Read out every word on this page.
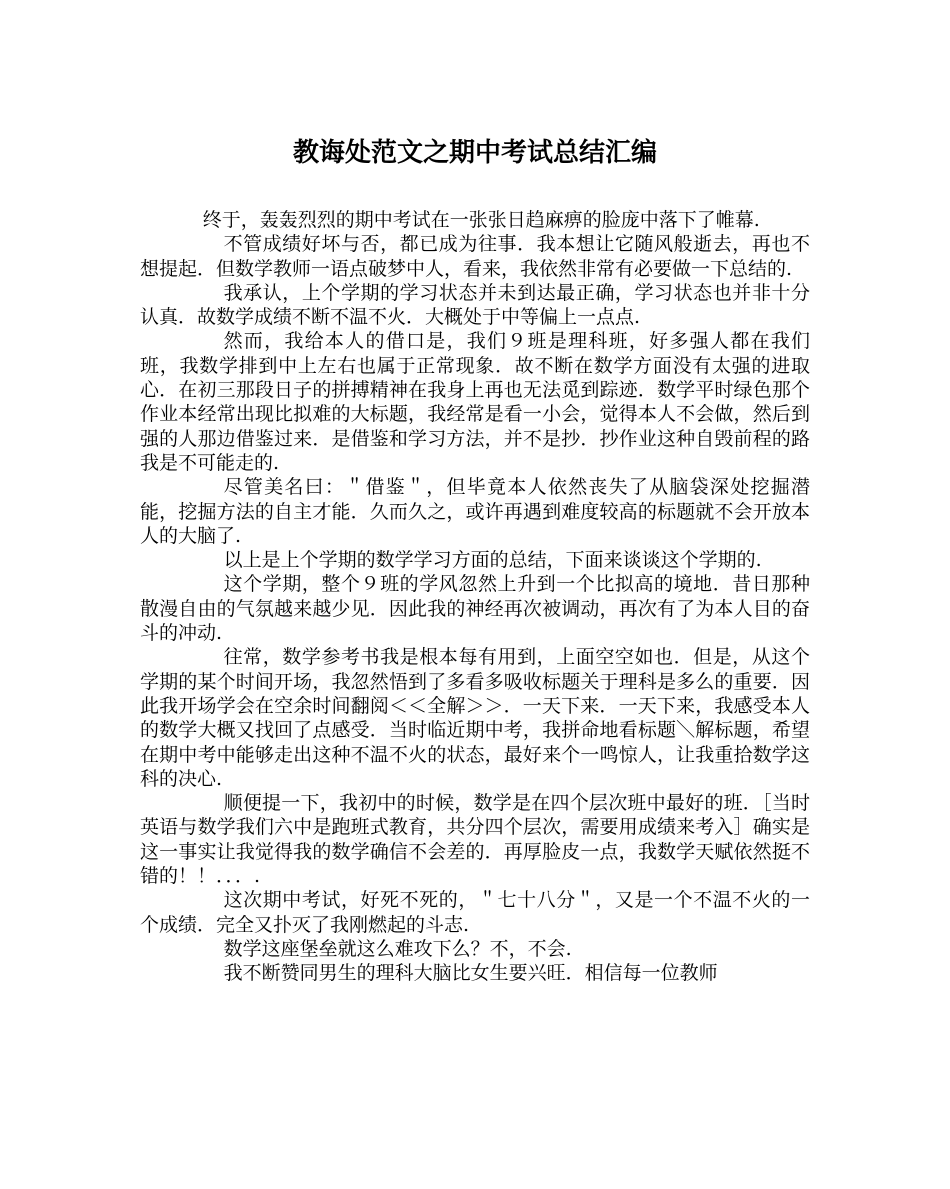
教诲处范文之期中考试总结汇编

终于，轰轰烈烈的期中考试在一张张日趋麻痹的脸庞中落下了帷幕.

不管成绩好坏与否，都已成为往事．我本想让它随风般逝去，再也不想提起．但数学教师一语点破梦中人，看来，我依然非常有必要做一下总结的.

我承认，上个学期的学习状态并未到达最正确，学习状态也并非十分认真．故数学成绩不断不温不火．大概处于中等偏上一点点.

然而，我给本人的借口是，我们９班是理科班，好多强人都在我们班，我数学排到中上左右也属于正常现象．故不断在数学方面没有太强的进取心．在初三那段日子的拼搏精神在我身上再也无法觅到踪迹．数学平时绿色那个作业本经常出现比拟难的大标题，我经常是看一小会，觉得本人不会做，然后到强的人那边借鉴过来．是借鉴和学习方法，并不是抄．抄作业这种自毁前程的路我是不可能走的.

尽管美名曰：＂借鉴＂，但毕竟本人依然丧失了从脑袋深处挖掘潜能，挖掘方法的自主才能．久而久之，或许再遇到难度较高的标题就不会开放本人的大脑了.

以上是上个学期的数学学习方面的总结，下面来谈谈这个学期的.

这个学期，整个９班的学风忽然上升到一个比拟高的境地．昔日那种散漫自由的气氛越来越少见．因此我的神经再次被调动，再次有了为本人目的奋斗的冲动.

往常，数学参考书我是根本每有用到，上面空空如也．但是，从这个学期的某个时间开场，我忽然悟到了多看多吸收标题关于理科是多么的重要．因此我开场学会在空余时间翻阅＜＜全解＞＞．一天下来．一天下来，我感受本人的数学大概又找回了点感受．当时临近期中考，我拼命地看标题＼解标题，希望在期中考中能够走出这种不温不火的状态，最好来个一鸣惊人，让我重拾数学这科的决心.

顺便提一下，我初中的时候，数学是在四个层次班中最好的班．［当时英语与数学我们六中是跑班式教育，共分四个层次，需要用成绩来考入］确实是这一事实让我觉得我的数学确信不会差的．再厚脸皮一点，我数学天赋依然挺不错的！！．．．.

这次期中考试，好死不死的，＂七十八分＂，又是一个不温不火的一个成绩．完全又扑灭了我刚燃起的斗志.

数学这座堡垒就这么难攻下么？不，不会.

我不断赞同男生的理科大脑比女生要兴旺．相信每一位教师
